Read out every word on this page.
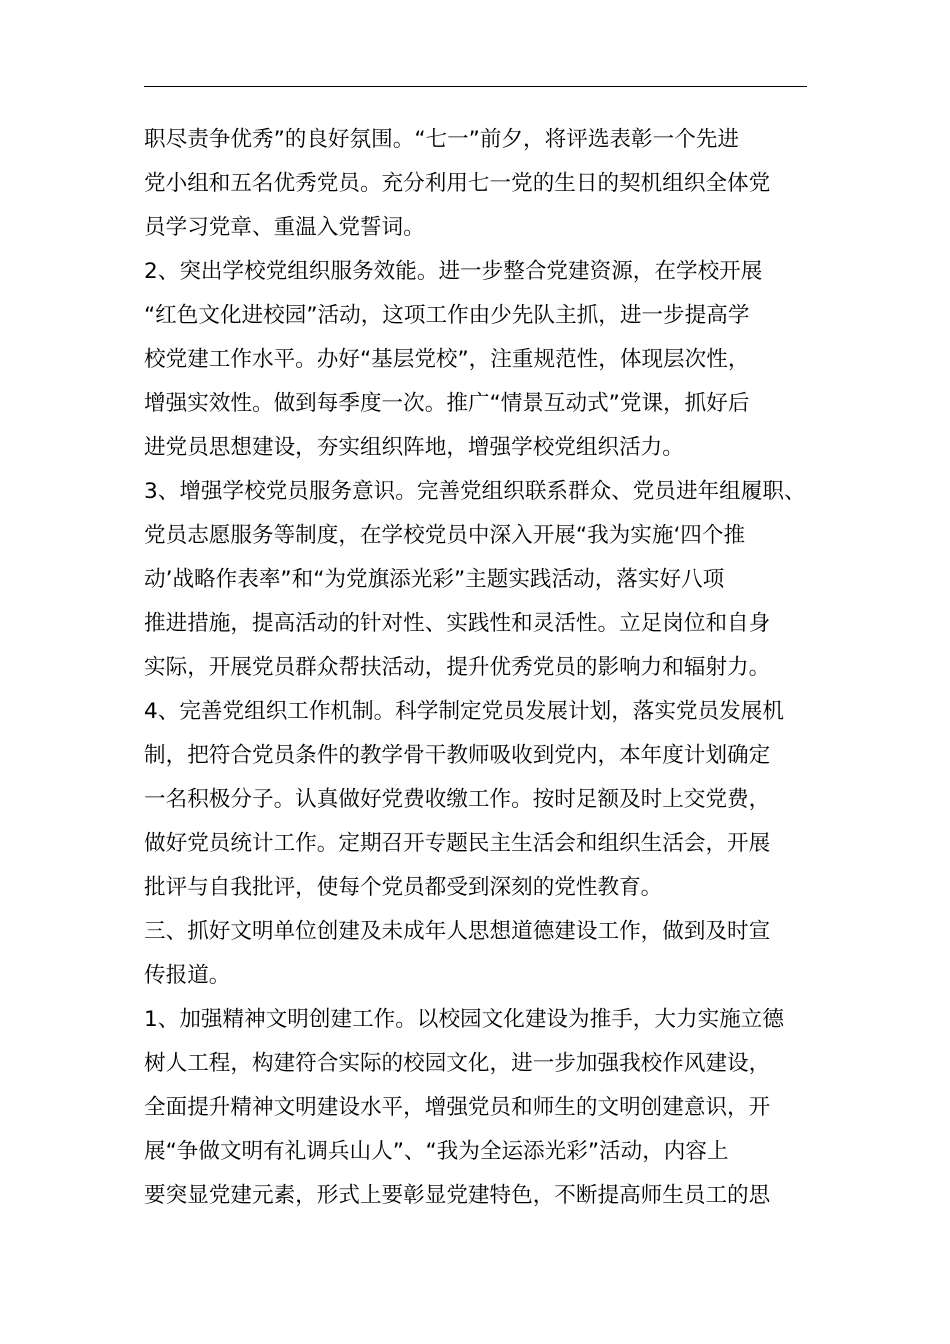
职尽责争优秀”的良好氛围。“七一”前夕，将评选表彰一个先进
党小组和五名优秀党员。充分利用七一党的生日的契机组织全体党
员学习党章、重温入党誓词。
2、突出学校党组织服务效能。进一步整合党建资源，在学校开展
“红色文化进校园”活动，这项工作由少先队主抓，进一步提高学
校党建工作水平。办好“基层党校”，注重规范性，体现层次性，
增强实效性。做到每季度一次。推广“情景互动式”党课，抓好后
进党员思想建设，夯实组织阵地，增强学校党组织活力。
3、增强学校党员服务意识。完善党组织联系群众、党员进年组履职、
党员志愿服务等制度，在学校党员中深入开展“我为实施‘四个推
动’战略作表率”和“为党旗添光彩”主题实践活动，落实好八项
推进措施，提高活动的针对性、实践性和灵活性。立足岗位和自身
实际，开展党员群众帮扶活动，提升优秀党员的影响力和辐射力。
4、完善党组织工作机制。科学制定党员发展计划，落实党员发展机
制，把符合党员条件的教学骨干教师吸收到党内，本年度计划确定
一名积极分子。认真做好党费收缴工作。按时足额及时上交党费，
做好党员统计工作。定期召开专题民主生活会和组织生活会，开展
批评与自我批评，使每个党员都受到深刻的党性教育。
三、抓好文明单位创建及未成年人思想道德建设工作，做到及时宣
传报道。
1、加强精神文明创建工作。以校园文化建设为推手，大力实施立德
树人工程，构建符合实际的校园文化，进一步加强我校作风建设，
全面提升精神文明建设水平，增强党员和师生的文明创建意识，开
展“争做文明有礼调兵山人”、“我为全运添光彩”活动，内容上
要突显党建元素，形式上要彰显党建特色，不断提高师生员工的思
